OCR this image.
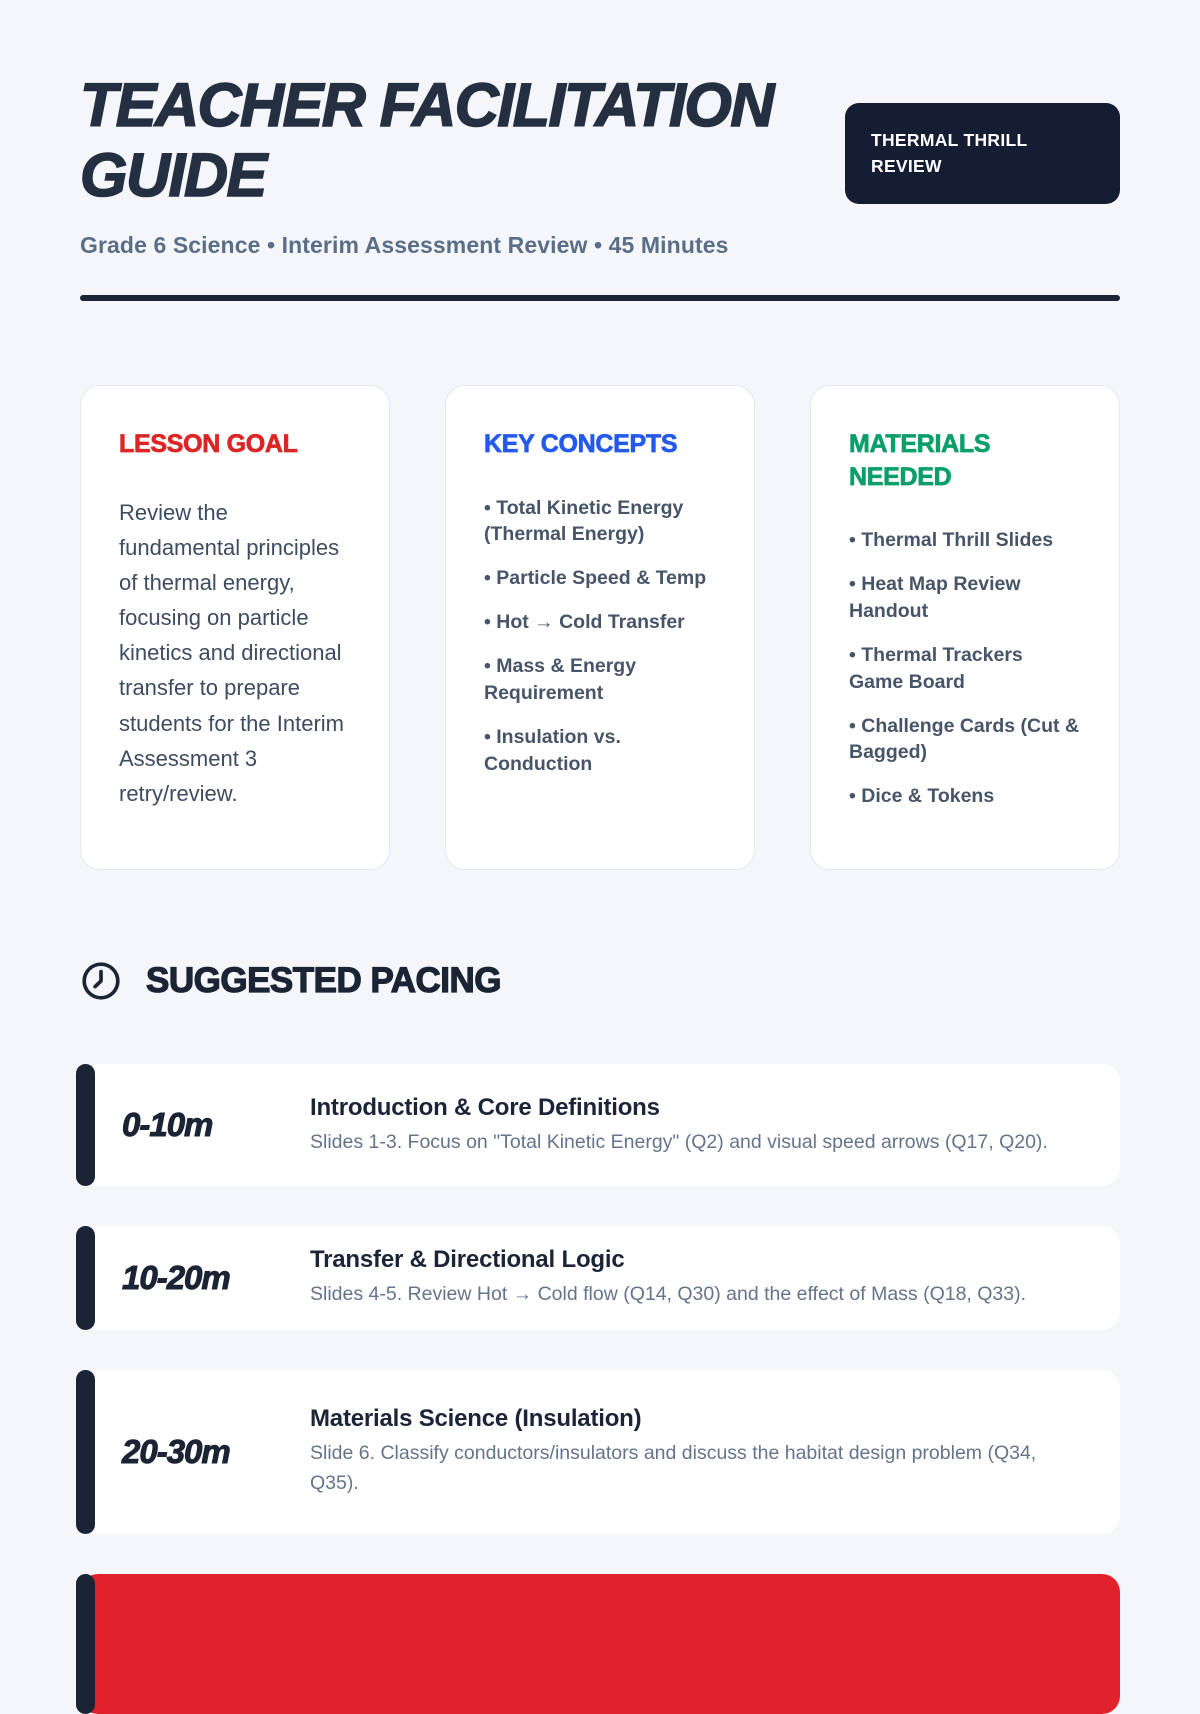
TEACHER FACILITATION
GUIDE
THERMAL THRILL REVIEW
Grade 6 Science • Interim Assessment Review • 45 Minutes
LESSON GOAL
Review the fundamental principles of thermal energy, focusing on particle kinetics and directional transfer to prepare students for the Interim Assessment 3 retry/review.
KEY CONCEPTS
• Total Kinetic Energy (Thermal Energy)
• Particle Speed & Temp
• Hot → Cold Transfer
• Mass & Energy Requirement
• Insulation vs. Conduction
MATERIALS NEEDED
• Thermal Thrill Slides
• Heat Map Review Handout
• Thermal Trackers Game Board
• Challenge Cards (Cut & Bagged)
• Dice & Tokens
SUGGESTED PACING
0-10m	Introduction & Core Definitions
Slides 1-3. Focus on "Total Kinetic Energy" (Q2) and visual speed arrows (Q17, Q20).
10-20m	Transfer & Directional Logic
Slides 4-5. Review Hot → Cold flow (Q14, Q30) and the effect of Mass (Q18, Q33).
20-30m
Materials Science (Insulation)
Slide 6. Classify conductors/insulators and discuss the habitat design problem (Q34, Q35).
